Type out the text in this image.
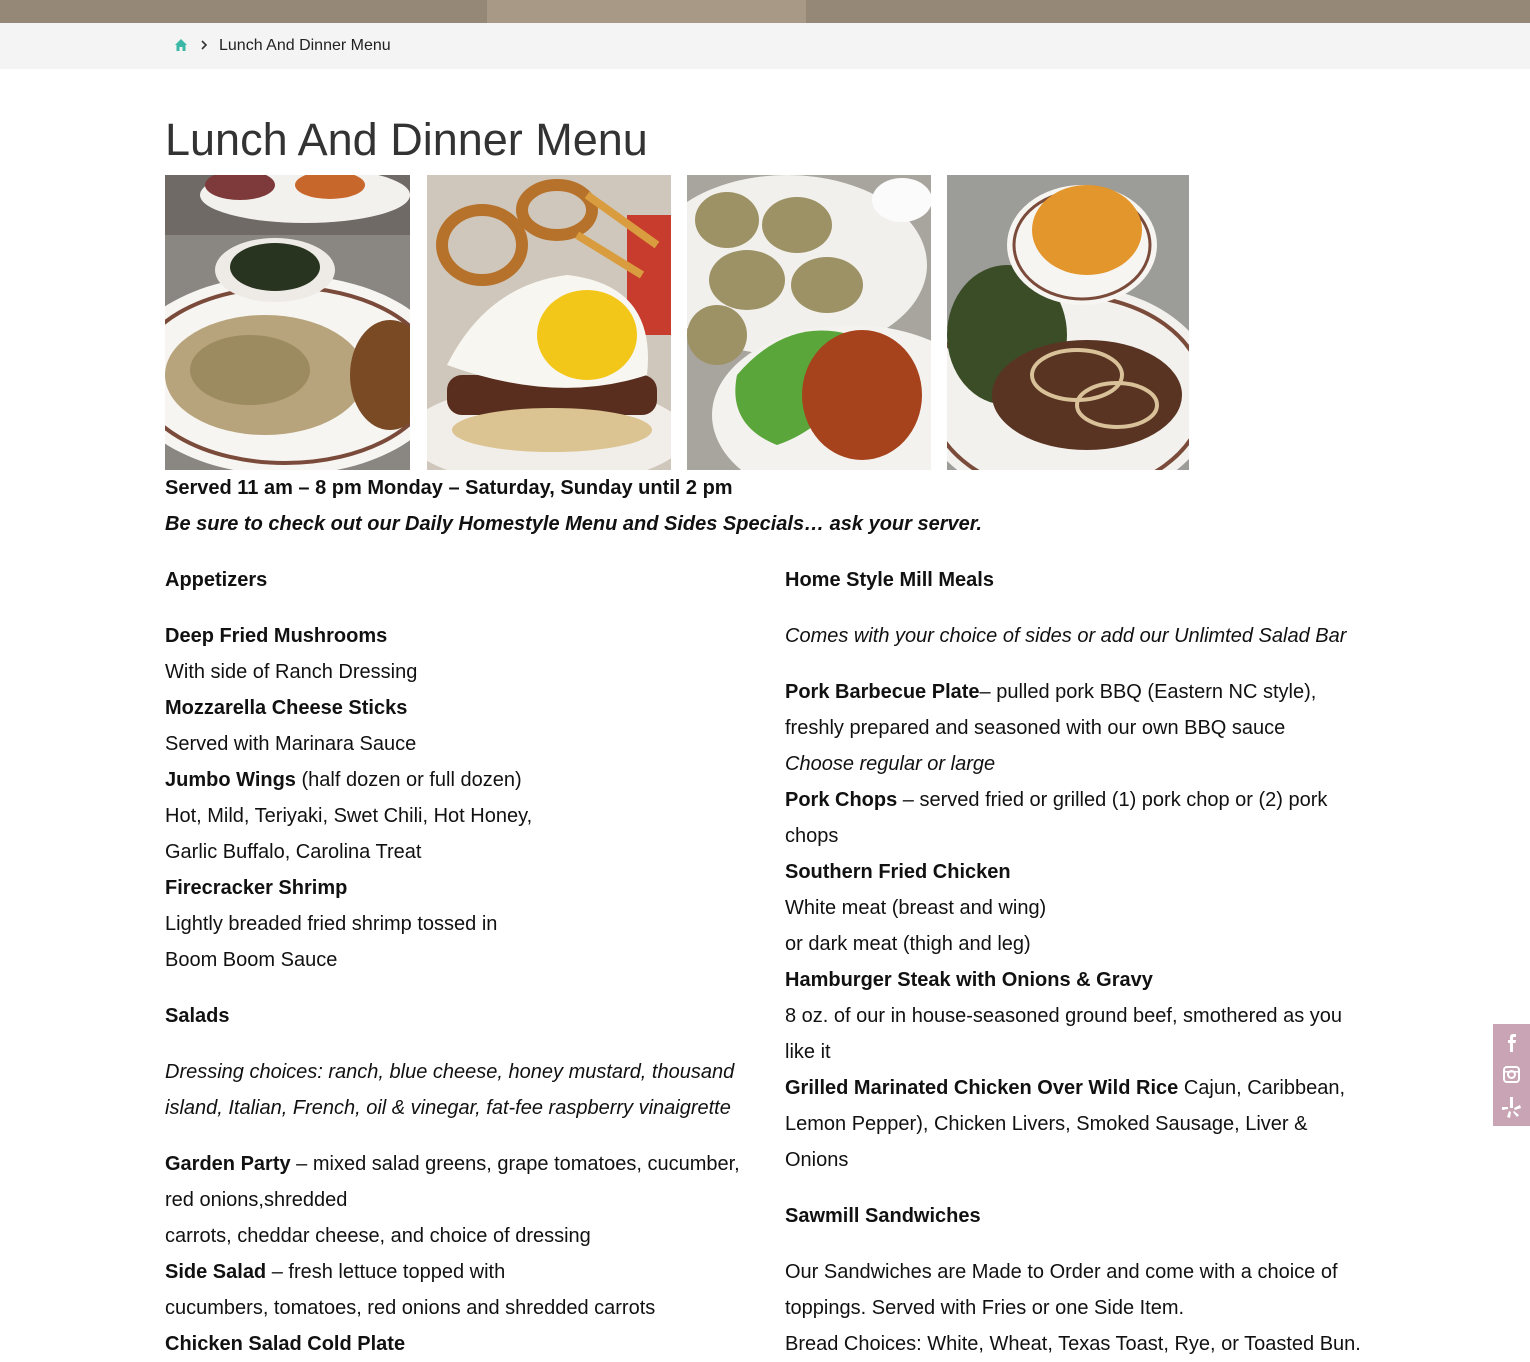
Lunch And Dinner Menu
Lunch And Dinner Menu
Served 11 am – 8 pm Monday – Saturday, Sunday until 2 pm
Be sure to check out our Daily Homestyle Menu and Sides Specials… ask your server.

Appetizers

Deep Fried Mushrooms

With side of Ranch Dressing

Mozzarella Cheese Sticks

Served with Marinara Sauce

Jumbo Wings (half dozen or full dozen)

Hot, Mild, Teriyaki, Swet Chili, Hot Honey,

Garlic Buffalo, Carolina Treat

Firecracker Shrimp

Lightly breaded fried shrimp tossed in

Boom Boom Sauce

Salads

Dressing choices: ranch, blue cheese, honey mustard, thousand island, Italian, French, oil & vinegar, fat-fee raspberry vinaigrette

Garden Party – mixed salad greens, grape tomatoes, cucumber, red onions,shredded

carrots, cheddar cheese, and choice of dressing

Side Salad – fresh lettuce topped with

cucumbers, tomatoes, red onions and shredded carrots

Chicken Salad Cold Plate

Home Style Mill Meals

Comes with your choice of sides or add our Unlimted Salad Bar

Pork Barbecue Plate– pulled pork BBQ (Eastern NC style), freshly prepared and seasoned with our own BBQ sauce

Choose regular or large

Pork Chops – served fried or grilled (1) pork chop or (2) pork chops

Southern Fried Chicken

White meat (breast and wing)

or dark meat (thigh and leg)

Hamburger Steak with Onions & Gravy

8 oz. of our in house-seasoned ground beef, smothered as you like it

Grilled Marinated Chicken Over Wild Rice Cajun, Caribbean, Lemon Pepper), Chicken Livers, Smoked Sausage, Liver & Onions

Sawmill Sandwiches

Our Sandwiches are Made to Order and come with a choice of toppings. Served with Fries or one Side Item.

Bread Choices: White, Wheat, Texas Toast, Rye, or Toasted Bun.
